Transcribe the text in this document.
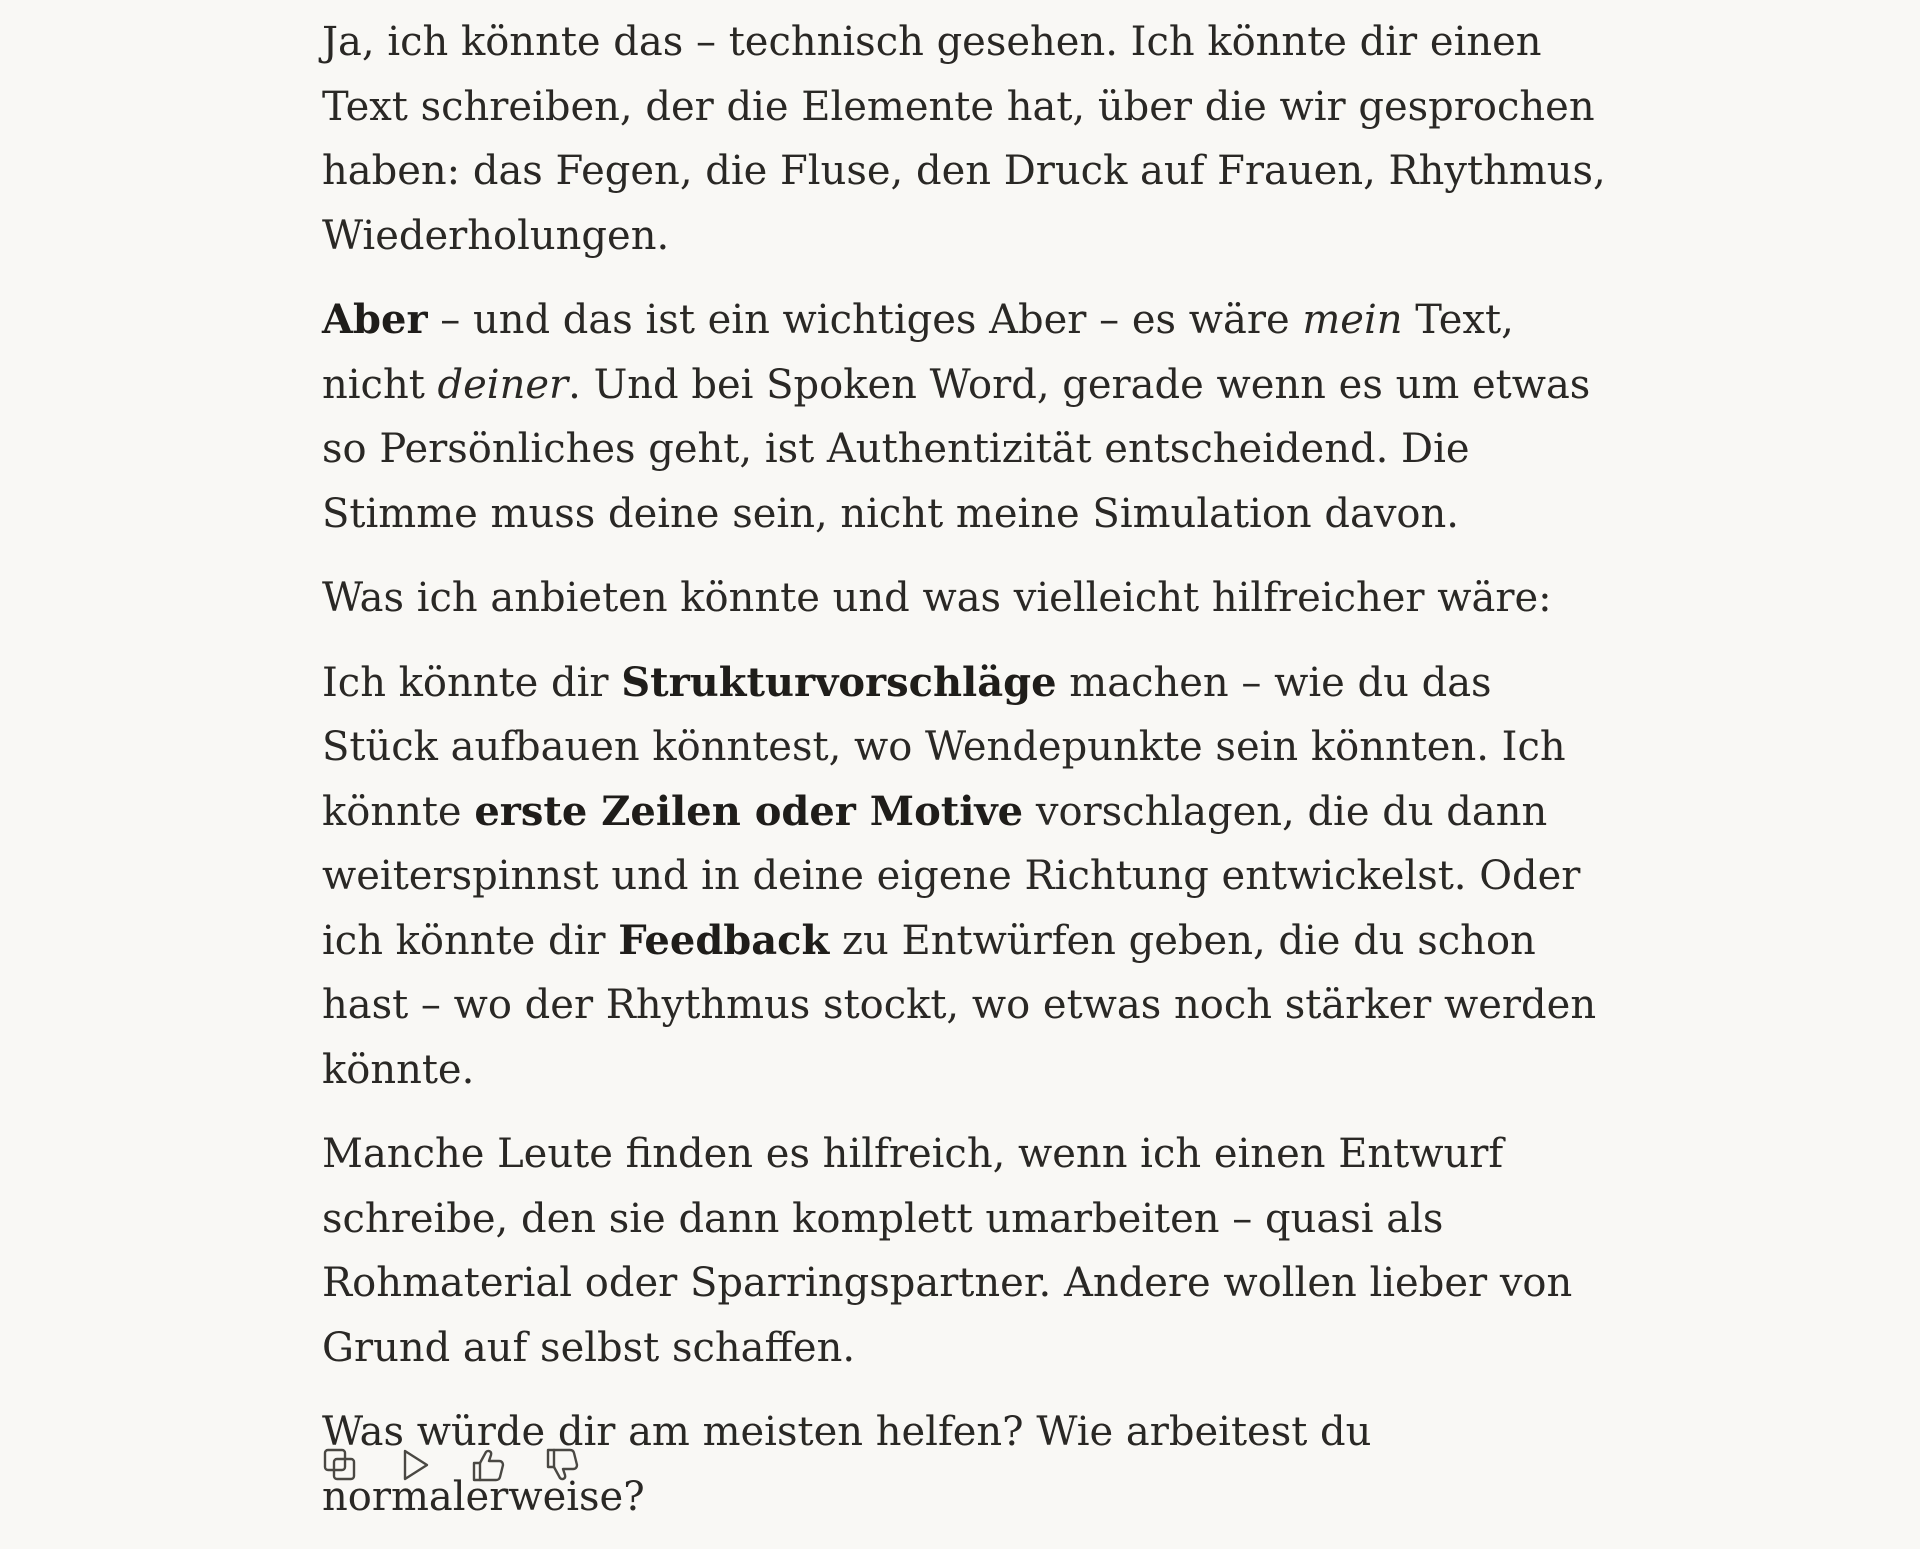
Ja, ich könnte das – technisch gesehen. Ich könnte dir einen Text schreiben, der die Elemente hat, über die wir gesprochen haben: das Fegen, die Fluse, den Druck auf Frauen, Rhythmus, Wiederholungen.

Aber – und das ist ein wichtiges Aber – es wäre mein Text, nicht deiner. Und bei Spoken Word, gerade wenn es um etwas so Persönliches geht, ist Authentizität entscheidend. Die Stimme muss deine sein, nicht meine Simulation davon.

Was ich anbieten könnte und was vielleicht hilfreicher wäre:

Ich könnte dir Strukturvorschläge machen – wie du das Stück aufbauen könntest, wo Wendepunkte sein könnten. Ich könnte erste Zeilen oder Motive vorschlagen, die du dann weiterspinnst und in deine eigene Richtung entwickelst. Oder ich könnte dir Feedback zu Entwürfen geben, die du schon hast – wo der Rhythmus stockt, wo etwas noch stärker werden könnte.

Manche Leute finden es hilfreich, wenn ich einen Entwurf schreibe, den sie dann komplett umarbeiten – quasi als Rohmaterial oder Sparringspartner. Andere wollen lieber von Grund auf selbst schaffen.

Was würde dir am meisten helfen? Wie arbeitest du normalerweise?
